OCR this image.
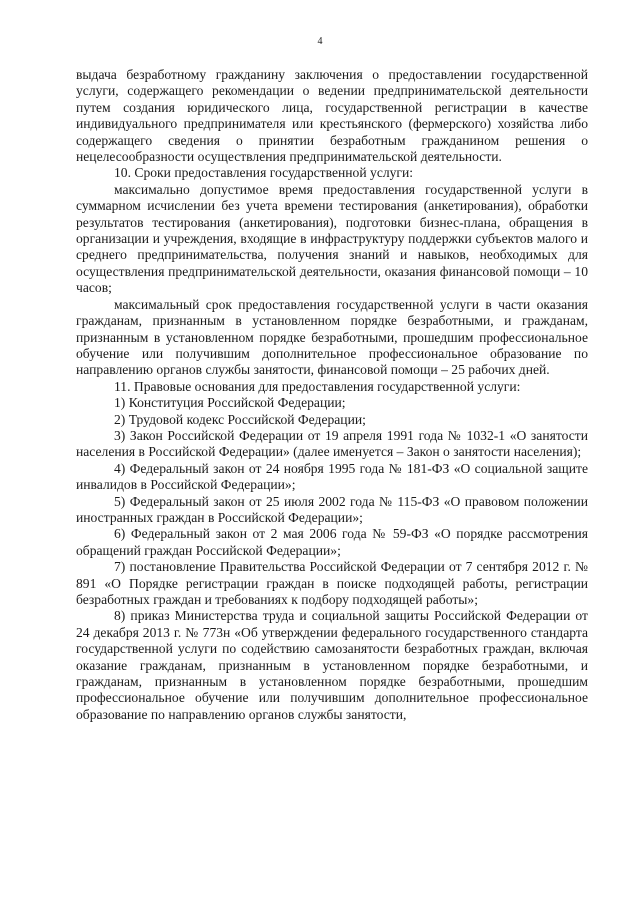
4

выдача безработному гражданину заключения о предоставлении государственной услуги, содержащего рекомендации о ведении предпринимательской деятельности путем создания юридического лица, государственной регистрации в качестве индивидуального предпринимателя или крестьянского (фермерского) хозяйства либо содержащего сведения о принятии безработным гражданином решения о нецелесообразности осуществления предпринимательской деятельности.

10. Сроки предоставления государственной услуги:

максимально допустимое время предоставления государственной услуги в суммарном исчислении без учета времени тестирования (анкетирования), обработки результатов тестирования (анкетирования), подготовки бизнес-плана, обращения в организации и учреждения, входящие в инфраструктуру поддержки субъектов малого и среднего предпринимательства, получения знаний и навыков, необходимых для осуществления предпринимательской деятельности, оказания финансовой помощи – 10 часов;

максимальный срок предоставления государственной услуги в части оказания гражданам, признанным в установленном порядке безработными, и гражданам, признанным в установленном порядке безработными, прошедшим профессиональное обучение или получившим дополнительное профессиональное образование по направлению органов службы занятости, финансовой помощи – 25 рабочих дней.

11. Правовые основания для предоставления государственной услуги:

1) Конституция Российской Федерации;

2) Трудовой кодекс Российской Федерации;

3) Закон Российской Федерации от 19 апреля 1991 года № 1032-1 «О занятости населения в Российской Федерации» (далее именуется – Закон о занятости населения);

4) Федеральный закон от 24 ноября 1995 года № 181-ФЗ «О социальной защите инвалидов в Российской Федерации»;

5) Федеральный закон от 25 июля 2002 года № 115-ФЗ «О правовом положении иностранных граждан в Российской Федерации»;

6) Федеральный закон от 2 мая 2006 года № 59-ФЗ «О порядке рассмотрения обращений граждан Российской Федерации»;

7) постановление Правительства Российской Федерации от 7 сентября 2012 г. № 891 «О Порядке регистрации граждан в поиске подходящей работы, регистрации безработных граждан и требованиях к подбору подходящей работы»;

8) приказ Министерства труда и социальной защиты Российской Федерации от 24 декабря 2013 г. № 773н «Об утверждении федерального государственного стандарта государственной услуги по содействию самозанятости безработных граждан, включая оказание гражданам, признанным в установленном порядке безработными, и гражданам, признанным в установленном порядке безработными, прошедшим профессиональное обучение или получившим дополнительное профессиональное образование по направлению органов службы занятости,
